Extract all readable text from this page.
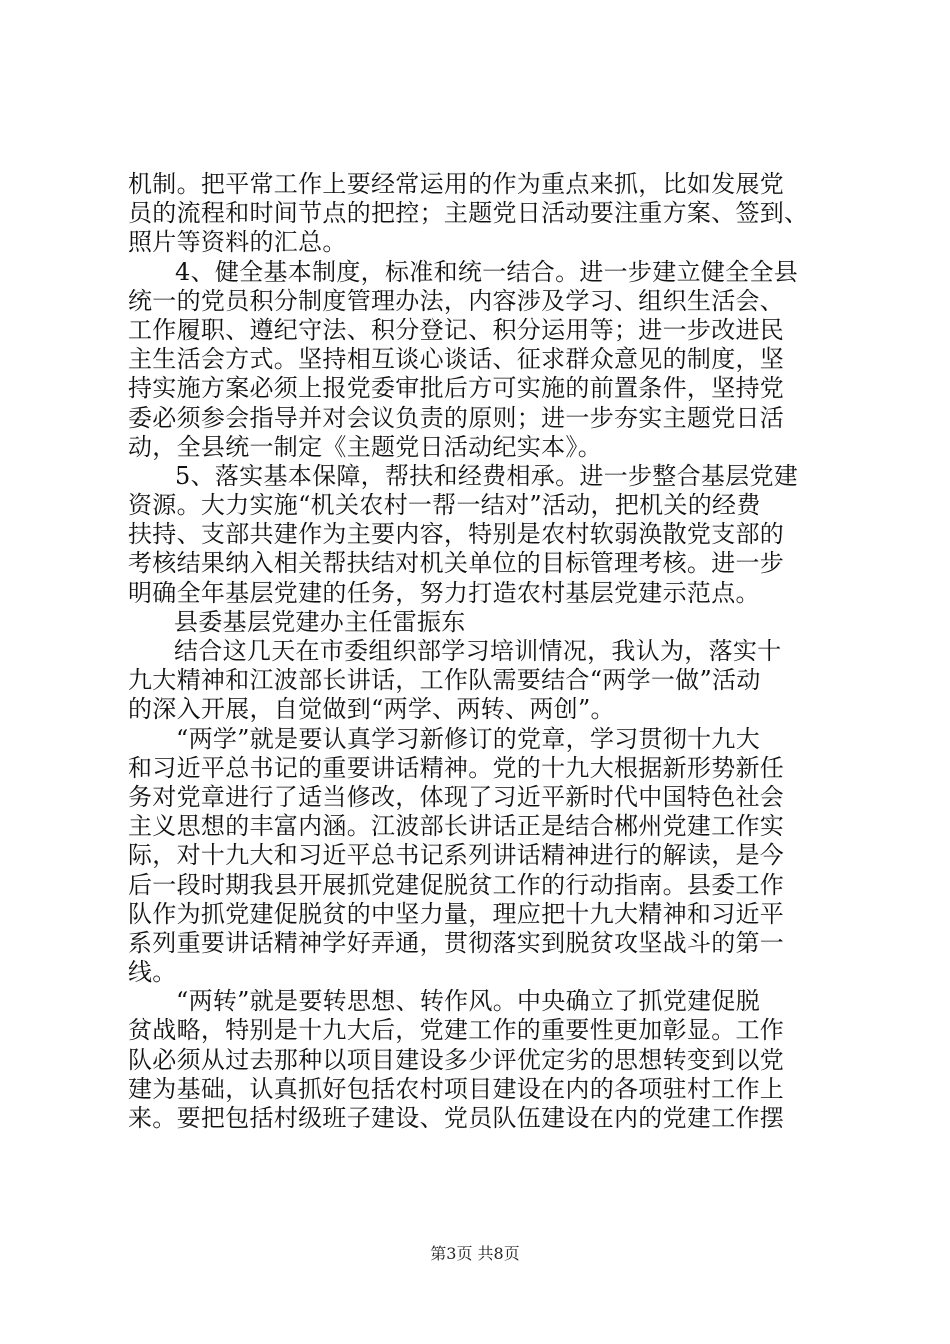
机制。把平常工作上要经常运用的作为重点来抓，比如发展党
员的流程和时间节点的把控；主题党日活动要注重方案、签到、
照片等资料的汇总。
4、健全基本制度，标准和统一结合。进一步建立健全全县
统一的党员积分制度管理办法，内容涉及学习、组织生活会、
工作履职、遵纪守法、积分登记、积分运用等；进一步改进民
主生活会方式。坚持相互谈心谈话、征求群众意见的制度，坚
持实施方案必须上报党委审批后方可实施的前置条件，坚持党
委必须参会指导并对会议负责的原则；进一步夯实主题党日活
动，全县统一制定《主题党日活动纪实本》。
5、落实基本保障，帮扶和经费相承。进一步整合基层党建
资源。大力实施“机关农村一帮一结对”活动，把机关的经费
扶持、支部共建作为主要内容，特别是农村软弱涣散党支部的
考核结果纳入相关帮扶结对机关单位的目标管理考核。进一步
明确全年基层党建的任务，努力打造农村基层党建示范点。
县委基层党建办主任雷振东
结合这几天在市委组织部学习培训情况，我认为，落实十
九大精神和江波部长讲话，工作队需要结合“两学一做”活动
的深入开展，自觉做到“两学、两转、两创”。
“两学”就是要认真学习新修订的党章，学习贯彻十九大
和习近平总书记的重要讲话精神。党的十九大根据新形势新任
务对党章进行了适当修改，体现了习近平新时代中国特色社会
主义思想的丰富内涵。江波部长讲话正是结合郴州党建工作实
际，对十九大和习近平总书记系列讲话精神进行的解读，是今
后一段时期我县开展抓党建促脱贫工作的行动指南。县委工作
队作为抓党建促脱贫的中坚力量，理应把十九大精神和习近平
系列重要讲话精神学好弄通，贯彻落实到脱贫攻坚战斗的第一
线。
“两转”就是要转思想、转作风。中央确立了抓党建促脱
贫战略，特别是十九大后，党建工作的重要性更加彰显。工作
队必须从过去那种以项目建设多少评优定劣的思想转变到以党
建为基础，认真抓好包括农村项目建设在内的各项驻村工作上
来。要把包括村级班子建设、党员队伍建设在内的党建工作摆
第3页 共8页
